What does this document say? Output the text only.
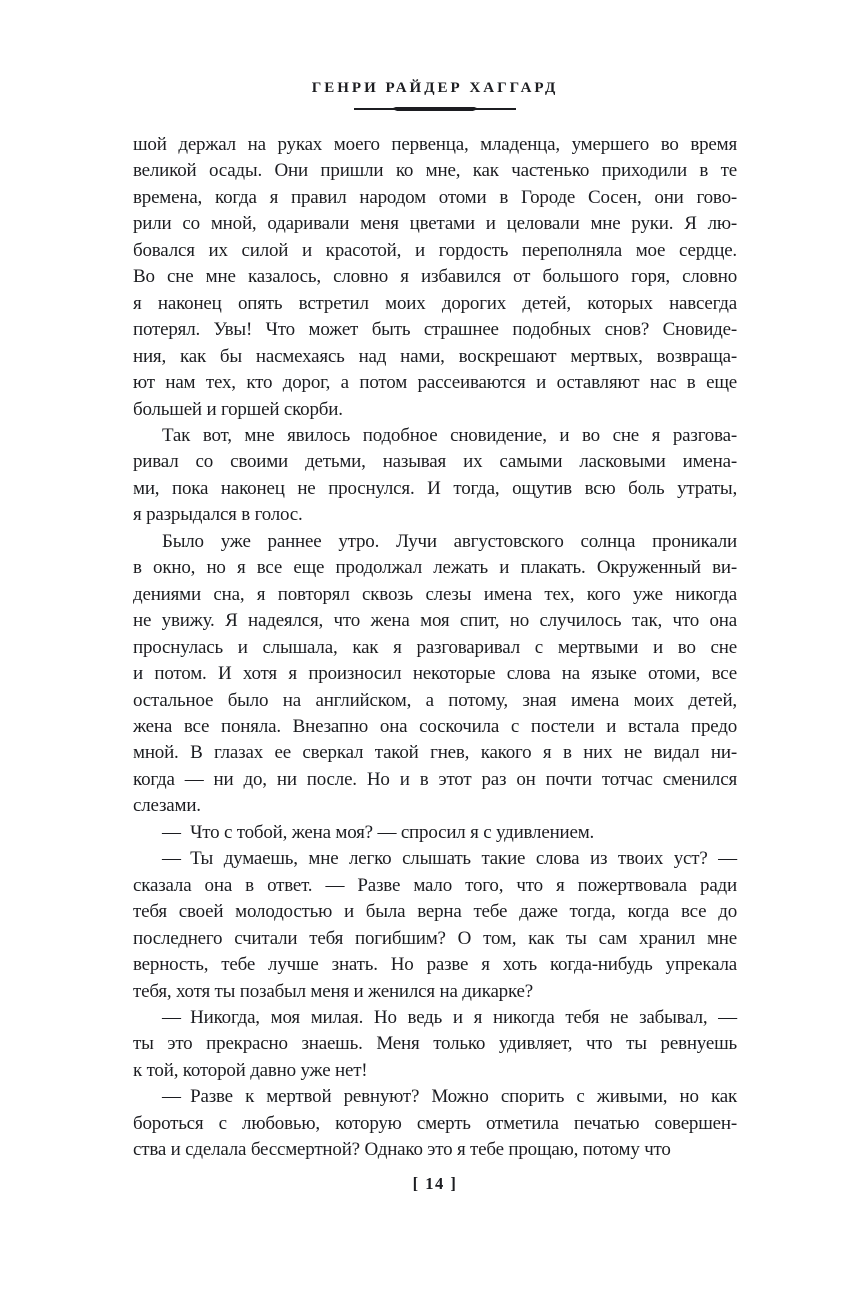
ГЕНРИ РАЙДЕР ХАГГАРД

шой держал на руках моего первенца, младенца, умершего во время
великой осады. Они пришли ко мне, как частенько приходили в те
времена, когда я правил народом отоми в Городе Сосен, они гово-
рили со мной, одаривали меня цветами и целовали мне руки. Я лю-
бовался их силой и красотой, и гордость переполняла мое сердце.
Во сне мне казалось, словно я избавился от большого горя, словно
я наконец опять встретил моих дорогих детей, которых навсегда
потерял. Увы! Что может быть страшнее подобных снов? Сновиде-
ния, как бы насмехаясь над нами, воскрешают мертвых, возвраща-
ют нам тех, кто дорог, а потом рассеиваются и оставляют нас в еще
большей и горшей скорби.

Так вот, мне явилось подобное сновидение, и во сне я разгова-
ривал со своими детьми, называя их самыми ласковыми имена-
ми, пока наконец не проснулся. И тогда, ощутив всю боль утраты,
я разрыдался в голос.

Было уже раннее утро. Лучи августовского солнца проникали
в окно, но я все еще продолжал лежать и плакать. Окруженный ви-
дениями сна, я повторял сквозь слезы имена тех, кого уже никогда
не увижу. Я надеялся, что жена моя спит, но случилось так, что она
проснулась и слышала, как я разговаривал с мертвыми и во сне
и потом. И хотя я произносил некоторые слова на языке отоми, все
остальное было на английском, а потому, зная имена моих детей,
жена все поняла. Внезапно она соскочила с постели и встала предо
мной. В глазах ее сверкал такой гнев, какого я в них не видал ни-
когда — ни до, ни после. Но и в этот раз он почти тотчас сменился
слезами.

— Что с тобой, жена моя? — спросил я с удивлением.

— Ты думаешь, мне легко слышать такие слова из твоих уст? —
сказала она в ответ. — Разве мало того, что я пожертвовала ради
тебя своей молодостью и была верна тебе даже тогда, когда все до
последнего считали тебя погибшим? О том, как ты сам хранил мне
верность, тебе лучше знать. Но разве я хоть когда-нибудь упрекала
тебя, хотя ты позабыл меня и женился на дикарке?

— Никогда, моя милая. Но ведь и я никогда тебя не забывал, —
ты это прекрасно знаешь. Меня только удивляет, что ты ревнуешь
к той, которой давно уже нет!

— Разве к мертвой ревнуют? Можно спорить с живыми, но как
бороться с любовью, которую смерть отметила печатью совершен-
ства и сделала бессмертной? Однако это я тебе прощаю, потому что

[ 14 ]
